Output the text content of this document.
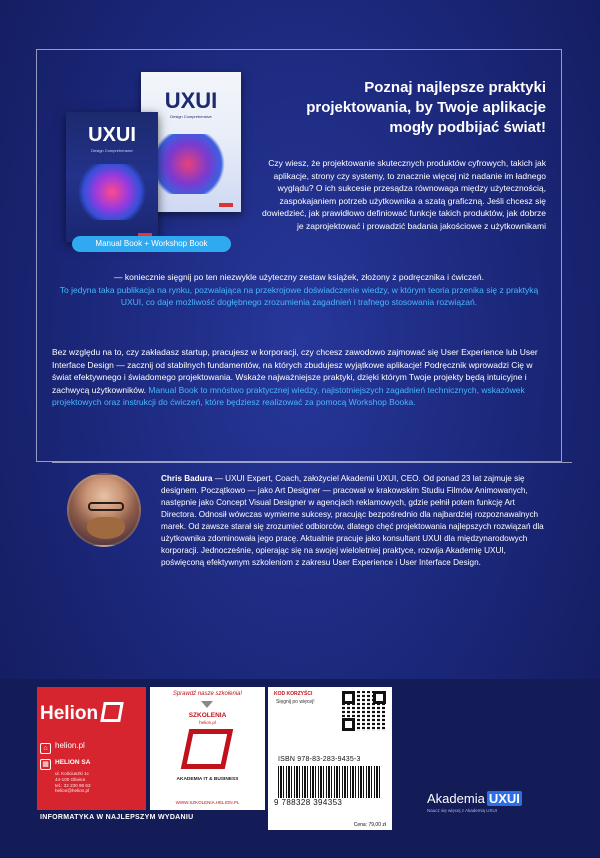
UXUI
Design Comprehensive
UXUI
Design Comprehensive
Manual Book + Workshop Book
Poznaj najlepsze praktyki projektowania, by Twoje aplikacje mogły podbijać świat!
Czy wiesz, że projektowanie skutecznych produktów cyfrowych, takich jak aplikacje, strony czy systemy, to znacznie więcej niż nadanie im ładnego wyglądu? O ich sukcesie przesądza równowaga między użytecznością, zaspokajaniem potrzeb użytkownika a szatą graficzną. Jeśli chcesz się dowiedzieć, jak prawidłowo definiować funkcje takich produktów, jak dobrze je zaprojektować i prowadzić badania jakościowe z użytkownikami
— koniecznie sięgnij po ten niezwykle użyteczny zestaw książek, złożony z podręcznika i ćwiczeń.
To jedyna taka publikacja na rynku, pozwalająca na przekrojowe doświadczenie wiedzy, w którym teoria przenika się z praktyką UXUI, co daje możliwość dogłębnego zrozumienia zagadnień i trafnego stosowania rozwiązań.
Bez względu na to, czy zakładasz startup, pracujesz w korporacji, czy chcesz zawodowo zajmować się User Experience lub User Interface Design — zacznij od stabilnych fundamentów, na których zbudujesz wyjątkowe aplikacje! Podręcznik wprowadzi Cię w świat efektywnego i świadomego projektowania. Wskaże najważniejsze praktyki, dzięki którym Twoje projekty będą intuicyjne i zachwycą użytkowników. Manual Book to mnóstwo praktycznej wiedzy, najistotniejszych zagadnień technicznych, wskazówek projektowych oraz instrukcji do ćwiczeń, które będziesz realizować za pomocą Workshop Booka.
Chris Badura — UXUI Expert, Coach, założyciel Akademii UXUI, CEO. Od ponad 23 lat zajmuje się designem. Początkowo — jako Art Designer — pracował w krakowskim Studiu Filmów Animowanych, następnie jako Concept Visual Designer w agencjach reklamowych, gdzie pełnił potem funkcję Art Directora. Odnosił wówczas wymierne sukcesy, pracując bezpośrednio dla najbardziej rozpoznawalnych marek. Od zawsze starał się zrozumieć odbiorców, dlatego chęć projektowania najlepszych rozwiązań dla użytkownika zdominowała jego pracę. Aktualnie pracuje jako konsultant UXUI dla międzynarodowych korporacji. Jednocześnie, opierając się na swojej wieloletniej praktyce, rozwija Akademię UXUI, poświęconą efektywnym szkoleniom z zakresu User Experience i User Interface Design.
Helion
⌂ helion.pl
▦ HELION SA
ul. Kościuszki 1c
44-100 Gliwice
tel.: 32 230 98 63
helion@helion.pl
Sprawdź nasze szkolenia!
SZKOLENIA
helion.pl
AKADEMIA IT & BUSINESS
WWW.SZKOLENIA.HELION.PL
KOD KORZYŚCI
Sięgnij po więcej!
ISBN 978-83-283-9435-3
9 788328 394353
INFORMATYKA W NAJLEPSZYM WYDANIU
Cena: 79,00 zł
Akademia UXUI
Naucz się więcej z Akademią UXUI
